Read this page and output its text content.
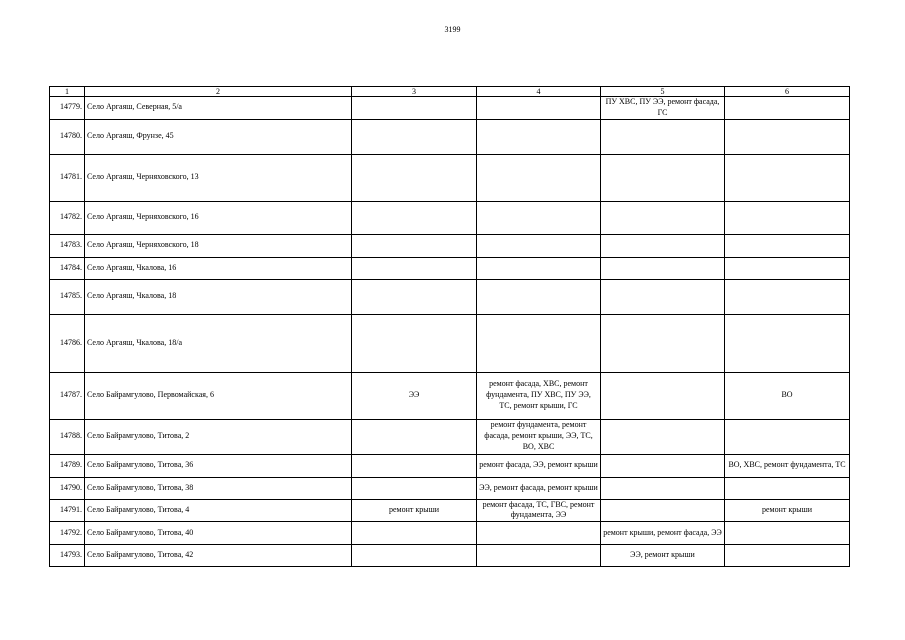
3199
1	2	3	4	5	6
14779.	Село Аргаяш, Северная, 5/а			ПУ ХВС, ПУ ЭЭ, ремонт фасада, ГС	
14780.	Село Аргаяш, Фрунзе, 45				
14781.	Село Аргаяш, Черняховского, 13				
14782.	Село Аргаяш, Черняховского, 16				
14783.	Село Аргаяш, Черняховского, 18				
14784.	Село Аргаяш, Чкалова, 16				
14785.	Село Аргаяш, Чкалова, 18				
14786.	Село Аргаяш, Чкалова, 18/а				
14787.	Село Байрамгулово, Первомайская, 6	ЭЭ	ремонт фасада, ХВС, ремонт фундамента, ПУ ХВС, ПУ ЭЭ, ТС, ремонт крыши, ГС		ВО
14788.	Село Байрамгулово, Титова, 2		ремонт фундамента, ремонт фасада, ремонт крыши, ЭЭ, ТС, ВО, ХВС		
14789.	Село Байрамгулово, Титова, 36		ремонт фасада, ЭЭ, ремонт крыши		ВО, ХВС, ремонт фундамента, ТС
14790.	Село Байрамгулово, Титова, 38		ЭЭ, ремонт фасада, ремонт крыши		
14791.	Село Байрамгулово, Титова, 4	ремонт крыши	ремонт фасада, ТС, ГВС, ремонт фундамента, ЭЭ		ремонт крыши
14792.	Село Байрамгулово, Титова, 40			ремонт крыши, ремонт фасада, ЭЭ	
14793.	Село Байрамгулово, Титова, 42			ЭЭ, ремонт крыши	
